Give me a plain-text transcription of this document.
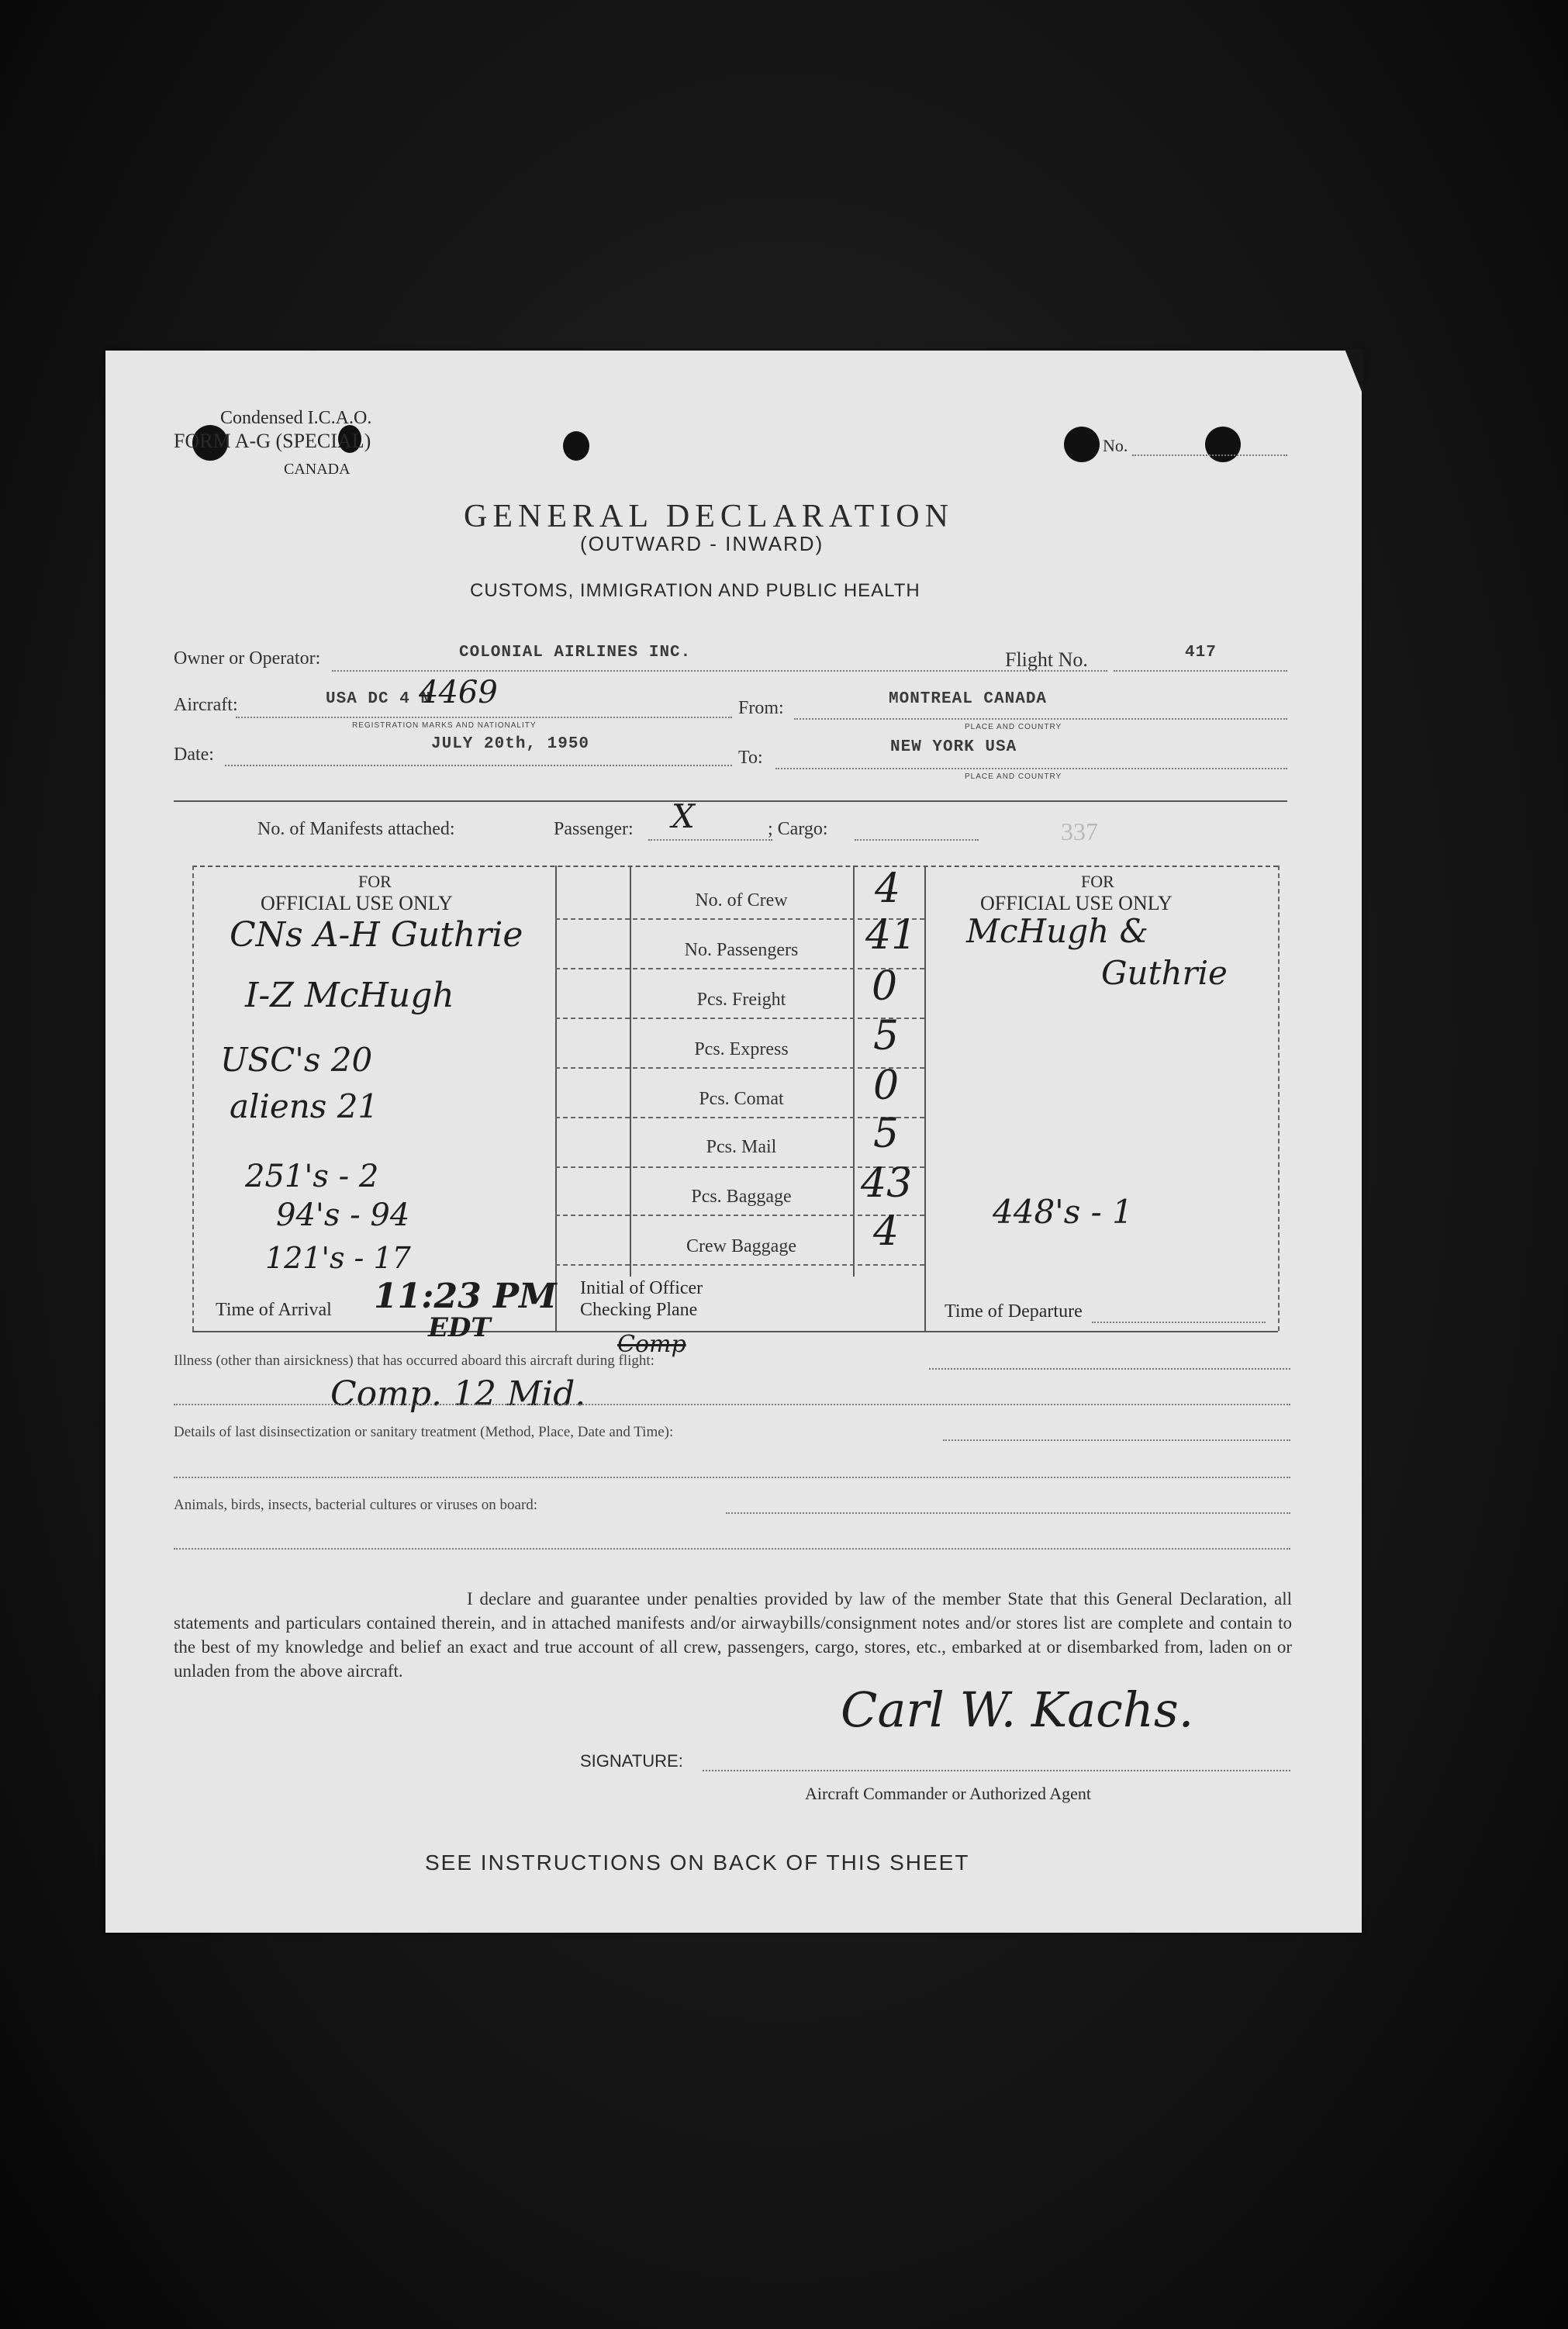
Condensed I.C.A.O.
FORM A-G (SPECIAL)
CANADA
No.
GENERAL DECLARATION
(OUTWARD - INWARD)
CUSTOMS, IMMIGRATION AND PUBLIC HEALTH
Owner or Operator:	COLONIAL AIRLINES INC.	Flight No.	417
Aircraft:	USA DC 4 N
4469
REGISTRATION MARKS AND NATIONALITY
From:	MONTREAL CANADA
PLACE AND COUNTRY
Date:
JULY 20th, 1950
To:
NEW YORK USA
PLACE AND COUNTRY
No. of Manifests attached:	Passenger: X	; Cargo:	337
FOR
OFFICIAL USE ONLY
FOR
OFFICIAL USE ONLY
No. of Crew	4
No. Passengers	41
Pcs. Freight	0
Pcs. Express	5
Pcs. Comat	0
Pcs. Mail	5
Pcs. Baggage	43
Crew Baggage	4
CNs A-H Guthrie
I-Z McHugh
USC's 20
aliens 21
251's - 2
94's - 94
121's - 17
McHugh &
Guthrie
448's - 1
Time of Arrival 11:23 PM
EDT
Initial of Officer
Checking Plane	Time of Departure
Illness (other than airsickness) that has occurred aboard this aircraft during flight:
Comp
Comp. 12 Mid.
Details of last disinsectization or sanitary treatment (Method, Place, Date and Time):
Animals, birds, insects, bacterial cultures or viruses on board:
I declare and guarantee under penalties provided by law of the member State that this General Declaration, all statements and particulars contained therein, and in attached manifests and/or airwaybills/consignment notes and/or stores list are complete and contain to the best of my knowledge and belief an exact and true account of all crew, passengers, cargo, stores, etc., embarked at or disembarked from, laden on or unladen from the above aircraft.
Carl W. Kachs.
SIGNATURE:
Aircraft Commander or Authorized Agent
SEE INSTRUCTIONS ON BACK OF THIS SHEET
